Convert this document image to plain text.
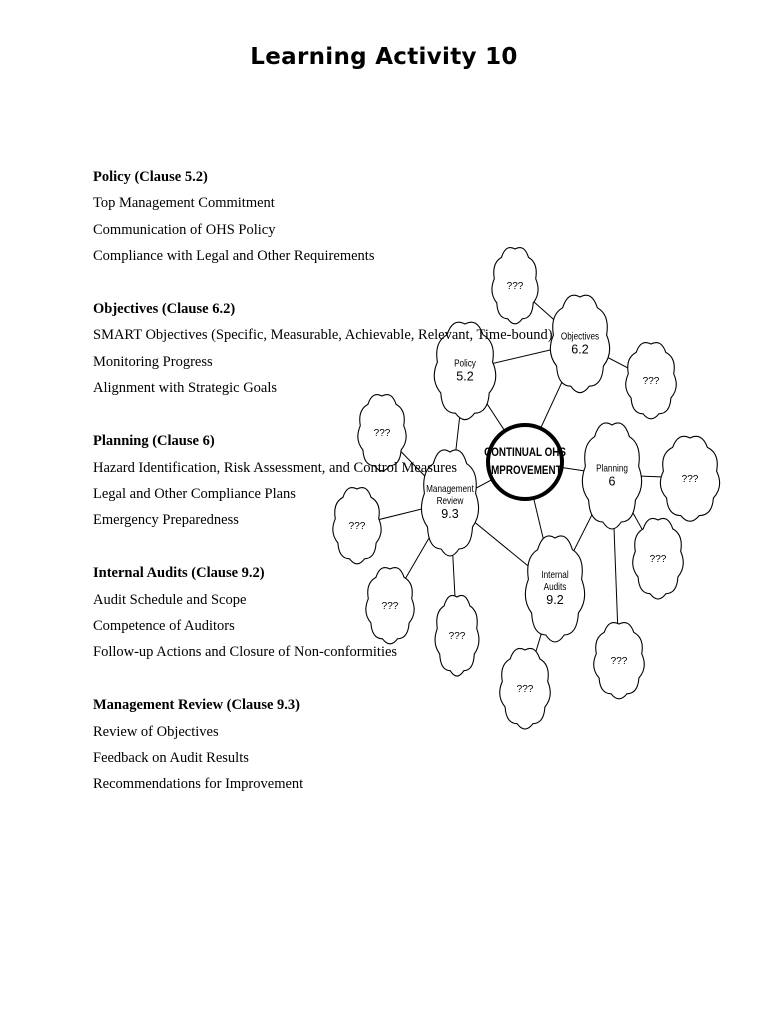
Learning Activity 10
Policy
5.2
Objectives
6.2
Planning
6
Internal
Audits
9.2
Management
Review
9.3
???
???
???
???
???
???
???
???
???
???
CONTINUAL OHS
IMPROVEMENT
Policy (Clause 5.2)
Top Management Commitment
Communication of OHS Policy
Compliance with Legal and Other Requirements
Objectives (Clause 6.2)
SMART Objectives (Specific, Measurable, Achievable, Relevant, Time-bound)
Monitoring Progress
Alignment with Strategic Goals
Planning (Clause 6)
Hazard Identification, Risk Assessment, and Control Measures
Legal and Other Compliance Plans
Emergency Preparedness
Internal Audits (Clause 9.2)
Audit Schedule and Scope
Competence of Auditors
Follow-up Actions and Closure of Non-conformities
Management Review (Clause 9.3)
Review of Objectives
Feedback on Audit Results
Recommendations for Improvement
